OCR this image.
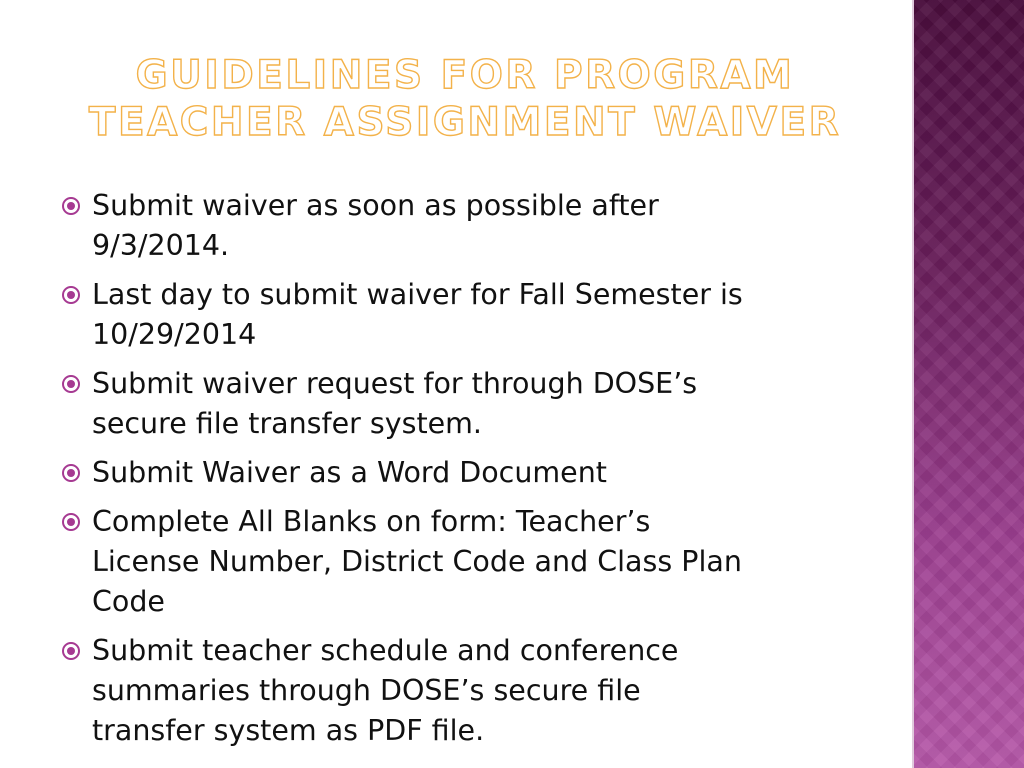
GUIDELINES FOR PROGRAM
TEACHER ASSIGNMENT WAIVER
Submit waiver as soon as possible after
9/3/2014.
Last day to submit waiver for Fall Semester is
10/29/2014
Submit waiver request for through DOSE’s
secure file transfer system.
Submit Waiver as a Word Document
Complete All Blanks on form: Teacher’s
License Number, District Code and Class Plan
Code
Submit teacher schedule and conference
summaries through DOSE’s secure file
transfer system as PDF file.
